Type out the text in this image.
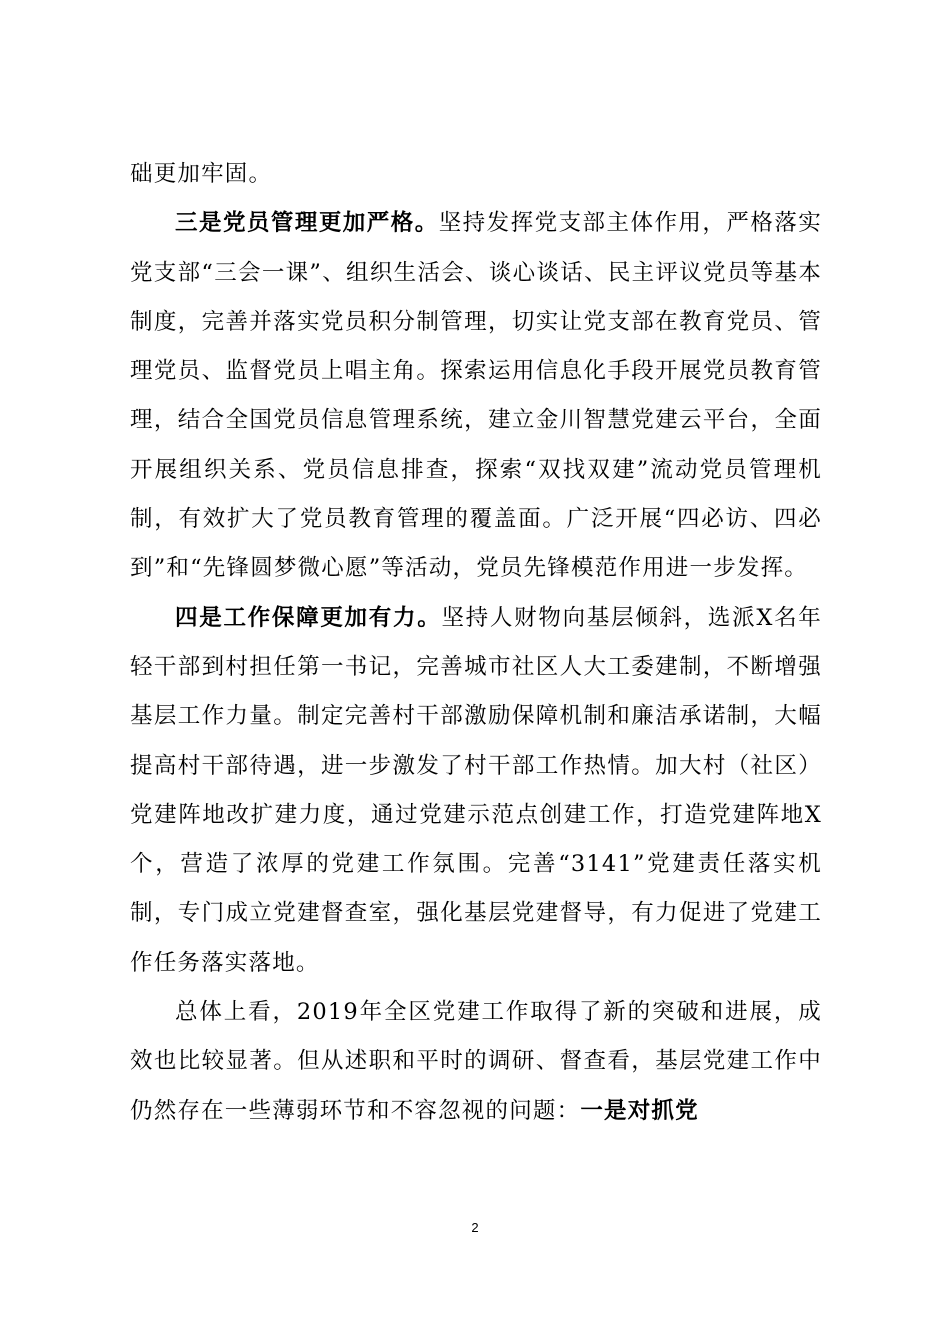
础更加牢固。

三是党员管理更加严格。坚持发挥党支部主体作用，严格落实党支部“三会一课”、组织生活会、谈心谈话、民主评议党员等基本制度，完善并落实党员积分制管理，切实让党支部在教育党员、管理党员、监督党员上唱主角。探索运用信息化手段开展党员教育管理，结合全国党员信息管理系统，建立金川智慧党建云平台，全面开展组织关系、党员信息排查，探索“双找双建”流动党员管理机制，有效扩大了党员教育管理的覆盖面。广泛开展“四必访、四必到”和“先锋圆梦微心愿”等活动，党员先锋模范作用进一步发挥。

四是工作保障更加有力。坚持人财物向基层倾斜，选派X名年轻干部到村担任第一书记，完善城市社区人大工委建制，不断增强基层工作力量。制定完善村干部激励保障机制和廉洁承诺制，大幅提高村干部待遇，进一步激发了村干部工作热情。加大村（社区）党建阵地改扩建力度，通过党建示范点创建工作，打造党建阵地X个，营造了浓厚的党建工作氛围。完善“3141”党建责任落实机制，专门成立党建督查室，强化基层党建督导，有力促进了党建工作任务落实落地。

总体上看，2019年全区党建工作取得了新的突破和进展，成效也比较显著。但从述职和平时的调研、督查看，基层党建工作中仍然存在一些薄弱环节和不容忽视的问题：一是对抓党

2
